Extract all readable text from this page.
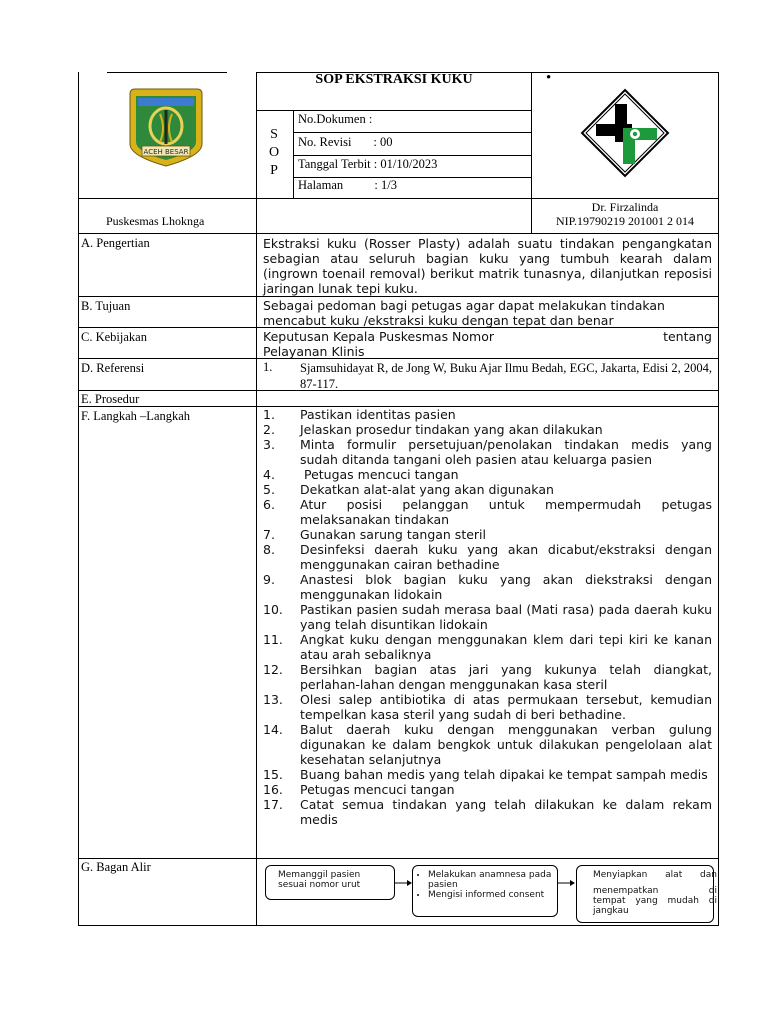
ACEH BESAR
SOP EKSTRAKSI KUKU
S
O
P
No.Dokumen :
No. Revisi       : 00
Tanggal Terbit : 01/10/2023
Halaman          : 1/3
•
Puskesmas Lhoknga
Dr. Firzalinda
NIP.19790219 201001 2 014
A. Pengertian	Ekstraksi kuku (Rosser Plasty) adalah suatu tindakan pengangkatan sebagian atau seluruh bagian kuku yang tumbuh kearah dalam (ingrown toenail removal) berikut matrik tunasnya, dilanjutkan reposisi jaringan lunak tepi kuku.
B. Tujuan	Sebagai pedoman bagi petugas agar dapat melakukan tindakan mencabut kuku /ekstraksi kuku dengan tepat dan benar
C. Kebijakan	Keputusan Kepala Puskesmas Nomor	tentang
Pelayanan Klinis
D. Referensi	1. Sjamsuhidayat R, de Jong W, Buku Ajar Ilmu Bedah, EGC, Jakarta, Edisi 2, 2004, 87-117.
E. Prosedur
F. Langkah –Langkah	1.	Pastikan identitas pasien
2.	Jelaskan prosedur tindakan yang akan dilakukan
3.	Minta formulir persetujuan/penolakan tindakan medis yang sudah ditanda tangani oleh pasien atau keluarga pasien
4.	Petugas mencuci tangan
5.	Dekatkan alat-alat yang akan digunakan
6.	Atur posisi pelanggan untuk mempermudah petugas melaksanakan tindakan
7.	Gunakan sarung tangan steril
8.	Desinfeksi daerah kuku yang akan dicabut/ekstraksi dengan menggunakan cairan bethadine
9.	Anastesi blok bagian kuku yang akan diekstraksi dengan menggunakan lidokain
10.	Pastikan pasien sudah merasa baal (Mati rasa) pada daerah kuku yang telah disuntikan lidokain
11.	Angkat kuku dengan menggunakan klem dari tepi kiri ke kanan atau arah sebaliknya
12.	Bersihkan bagian atas jari yang kukunya telah diangkat, perlahan-lahan dengan menggunakan kasa steril
13.	Olesi salep antibiotika di atas permukaan tersebut, kemudian tempelkan kasa steril yang sudah di beri bethadine.
14.	Balut daerah kuku dengan menggunakan verban gulung digunakan ke dalam bengkok untuk dilakukan pengelolaan alat kesehatan selanjutnya
15.	Buang bahan medis yang telah dipakai ke tempat sampah medis
16.	Petugas mencuci tangan
17.	Catat semua tindakan yang telah dilakukan ke dalam rekam medis
G. Bagan Alir
Memanggil pasien sesuai nomor urut
• Melakukan anamnesa pada pasien
• Mengisi informed consent
Menyiapkan alat dan
menempatkan di
tempat yang mudah di
jangkau
